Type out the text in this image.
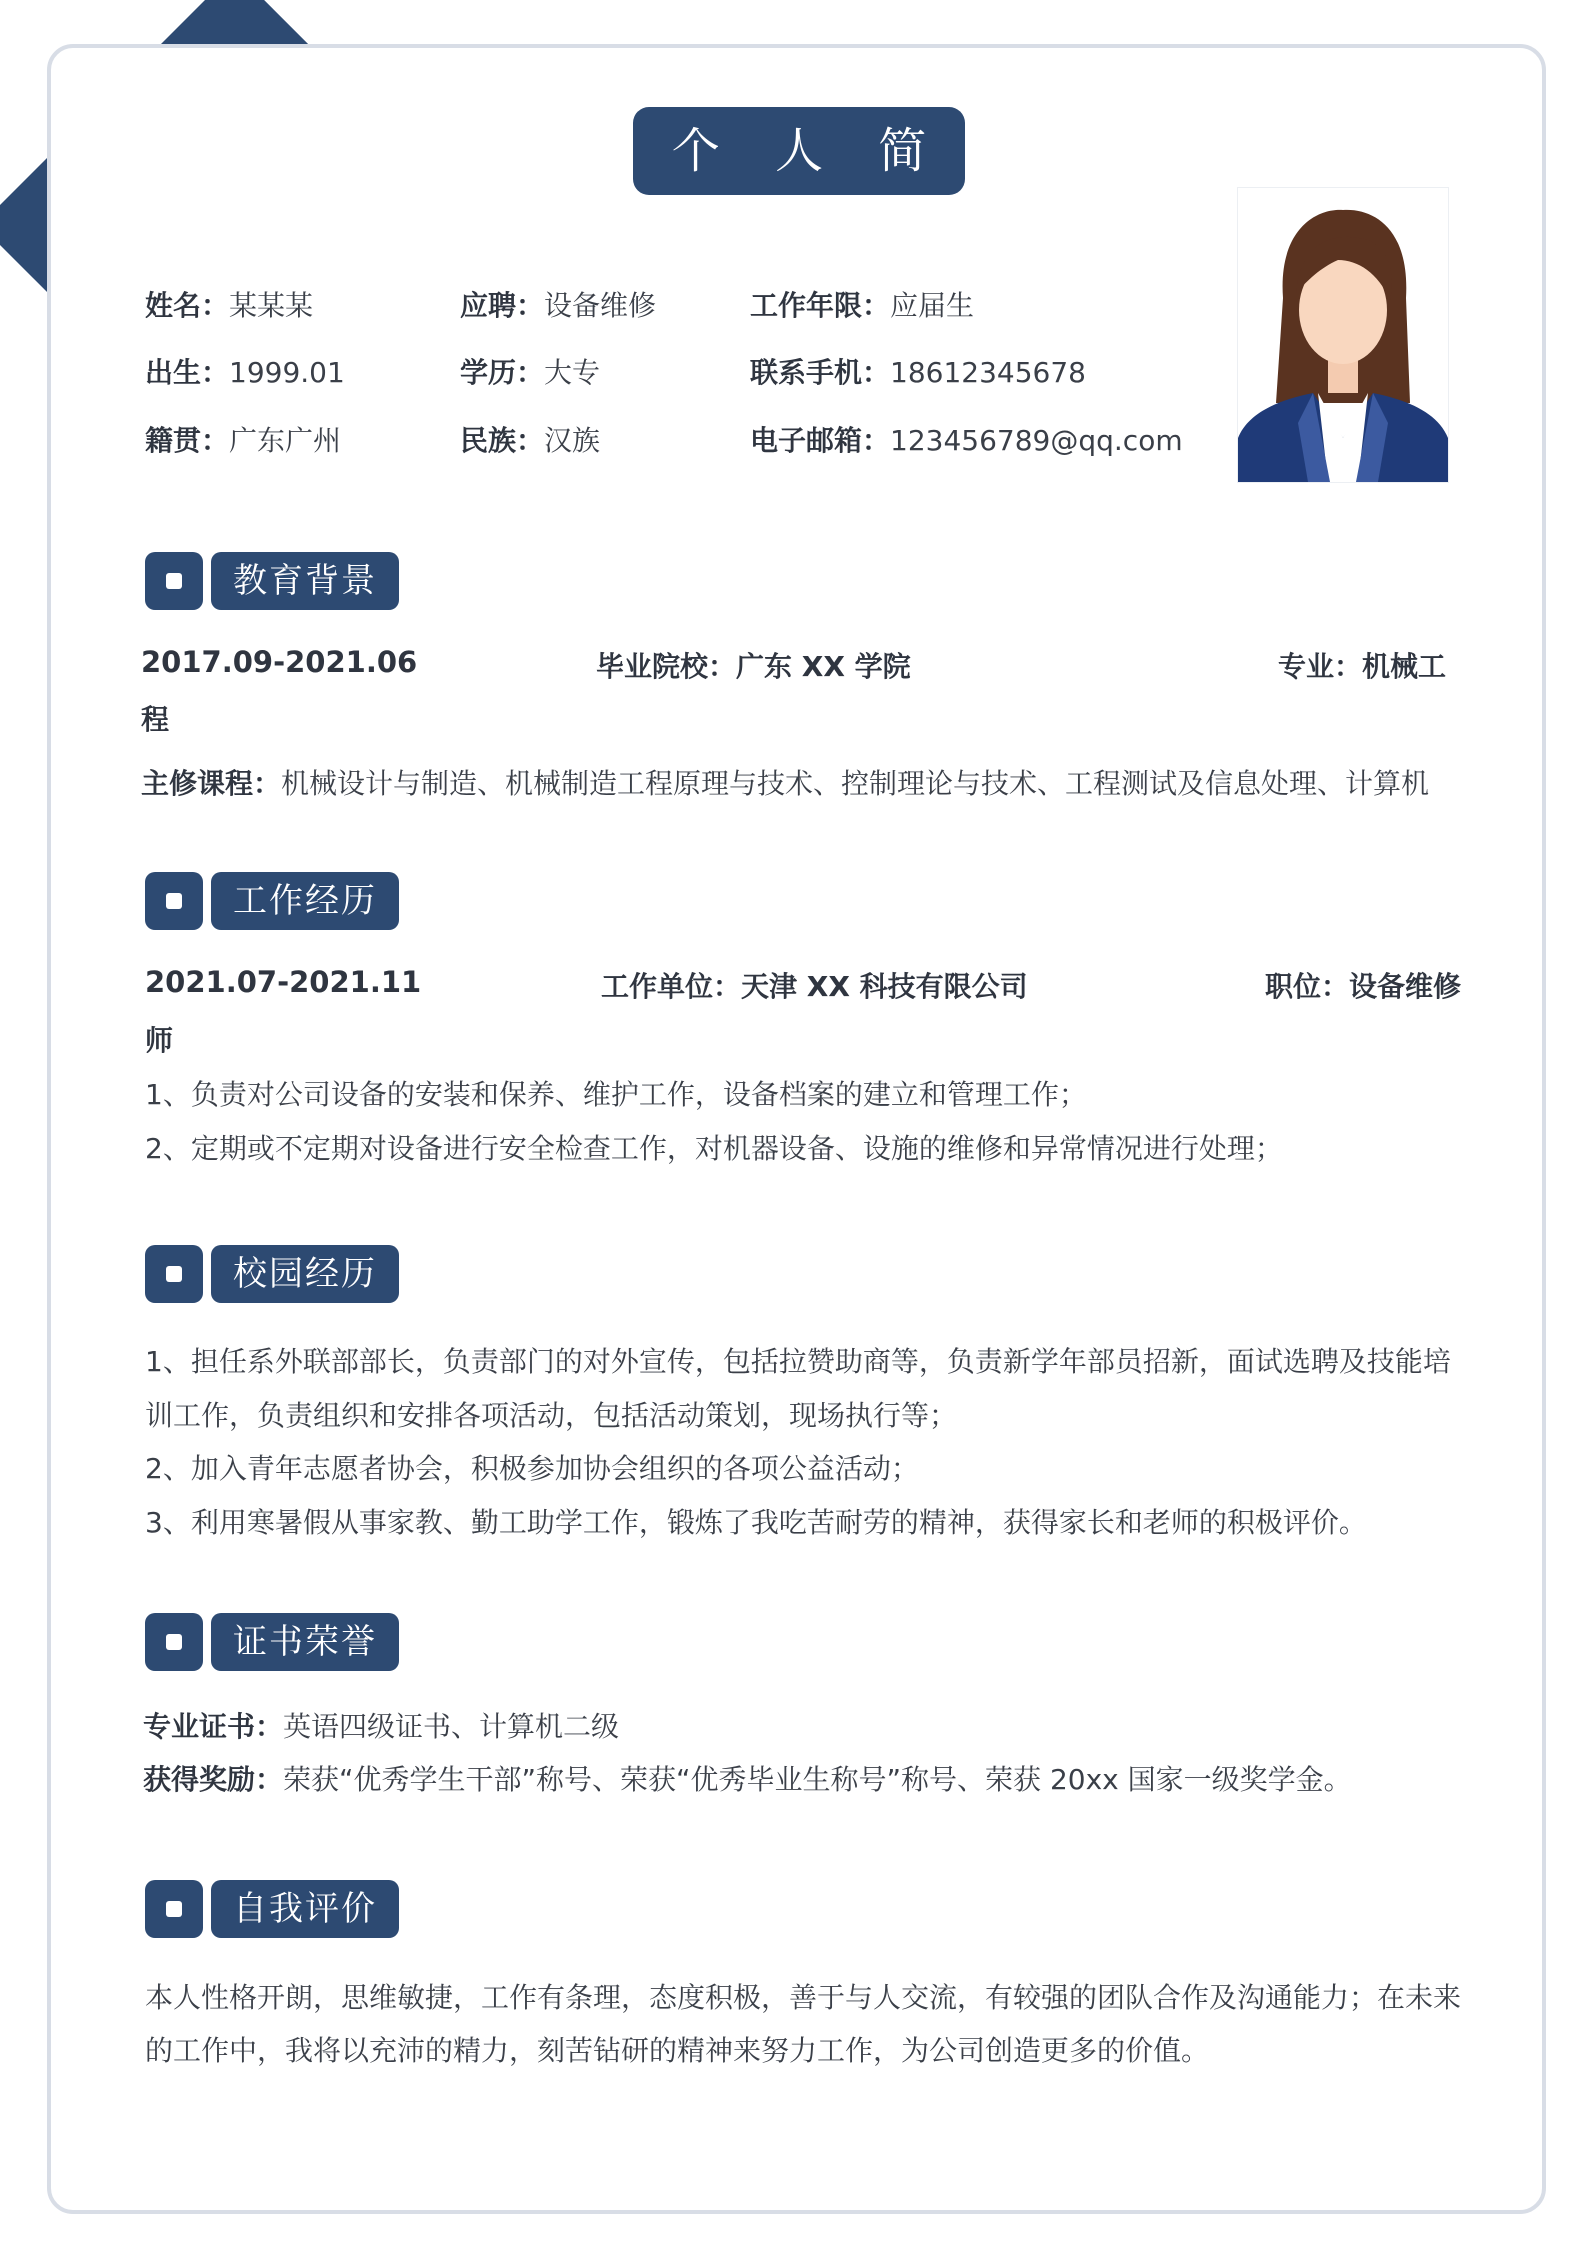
个 人 简 历
姓名：某某某	应聘：设备维修	工作年限：应届生
出生：1999.01	学历：大专	联系手机：18612345678
籍贯：广东广州	民族：汉族	电子邮箱：123456789@qq.com
教育背景
2017.09-2021.06	毕业院校：广东 XX 学院	专业：机械工
程
主修课程：机械设计与制造、机械制造工程原理与技术、控制理论与技术、工程测试及信息处理、计算机
工作经历
2021.07-2021.11	工作单位：天津 XX 科技有限公司	职位：设备维修
师
1、负责对公司设备的安装和保养、维护工作，设备档案的建立和管理工作；
2、定期或不定期对设备进行安全检查工作，对机器设备、设施的维修和异常情况进行处理；
校园经历
1、担任系外联部部长，负责部门的对外宣传，包括拉赞助商等，负责新学年部员招新，面试选聘及技能培
训工作，负责组织和安排各项活动，包括活动策划，现场执行等；
2、加入青年志愿者协会，积极参加协会组织的各项公益活动；
3、利用寒暑假从事家教、勤工助学工作，锻炼了我吃苦耐劳的精神，获得家长和老师的积极评价。
证书荣誉
专业证书：英语四级证书、计算机二级
获得奖励：荣获“优秀学生干部”称号、荣获“优秀毕业生称号”称号、荣获 20xx 国家一级奖学金。
自我评价
本人性格开朗，思维敏捷，工作有条理，态度积极，善于与人交流，有较强的团队合作及沟通能力；在未来
的工作中，我将以充沛的精力，刻苦钻研的精神来努力工作，为公司创造更多的价值。
